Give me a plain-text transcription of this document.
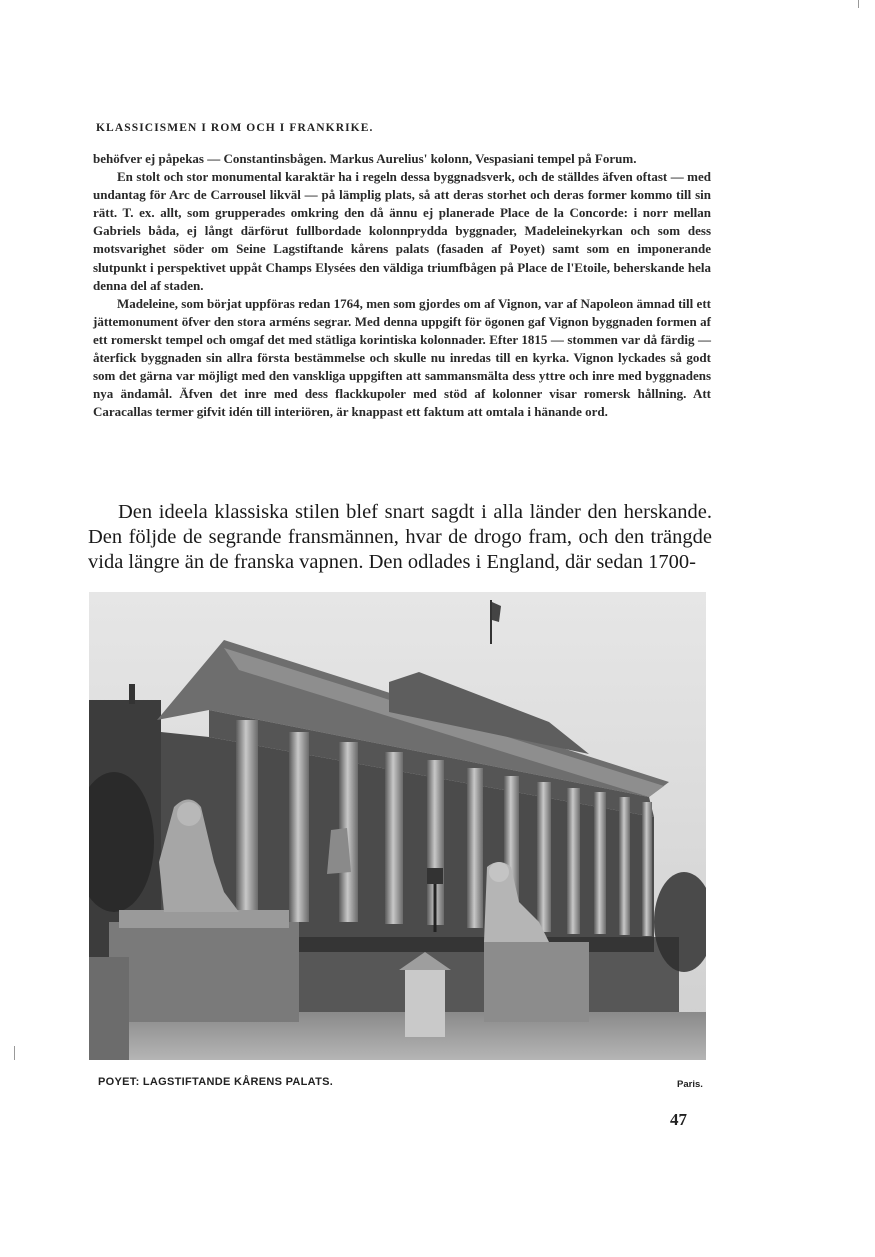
KLASSICISMEN I ROM OCH I FRANKRIKE.

behöfver ej påpekas — Constantinsbågen. Markus Aurelius' kolonn, Vespasiani tempel på Forum.

En stolt och stor monumental karaktär ha i regeln dessa byggnadsverk, och de ställdes äfven oftast — med undantag för Arc de Carrousel likväl — på lämplig plats, så att deras storhet och deras former kommo till sin rätt. T. ex. allt, som grupperades omkring den då ännu ej planerade Place de la Concorde: i norr mellan Gabriels båda, ej långt därförut fullbordade kolonnprydda byggnader, Madeleinekyrkan och som dess motsvarighet söder om Seine Lagstiftande kårens palats (fasaden af Poyet) samt som en imponerande slutpunkt i perspektivet uppåt Champs Elysées den väldiga triumfbågen på Place de l'Etoile, beherskande hela denna del af staden.

Madeleine, som börjat uppföras redan 1764, men som gjordes om af Vignon, var af Napoleon ämnad till ett jättemonument öfver den stora arméns segrar. Med denna uppgift för ögonen gaf Vignon byggnaden formen af ett romerskt tempel och omgaf det med stätliga korintiska kolonnader. Efter 1815 — stommen var då färdig — återfick byggnaden sin allra första bestämmelse och skulle nu inredas till en kyrka. Vignon lyckades så godt som det gärna var möjligt med den vanskliga uppgiften att sammansmälta dess yttre och inre med byggnadens nya ändamål. Äfven det inre med dess flackkupoler med stöd af kolonner visar romersk hållning. Att Caracallas termer gifvit idén till interiören, är knappast ett faktum att omtala i hänande ord.

Den ideela klassiska stilen blef snart sagdt i alla länder den herskande. Den följde de segrande fransmännen, hvar de drogo fram, och den trängde vida längre än de franska vapnen. Den odlades i England, där sedan 1700-

POYET: LAGSTIFTANDE KÅRENS PALATS.	Paris.
47
